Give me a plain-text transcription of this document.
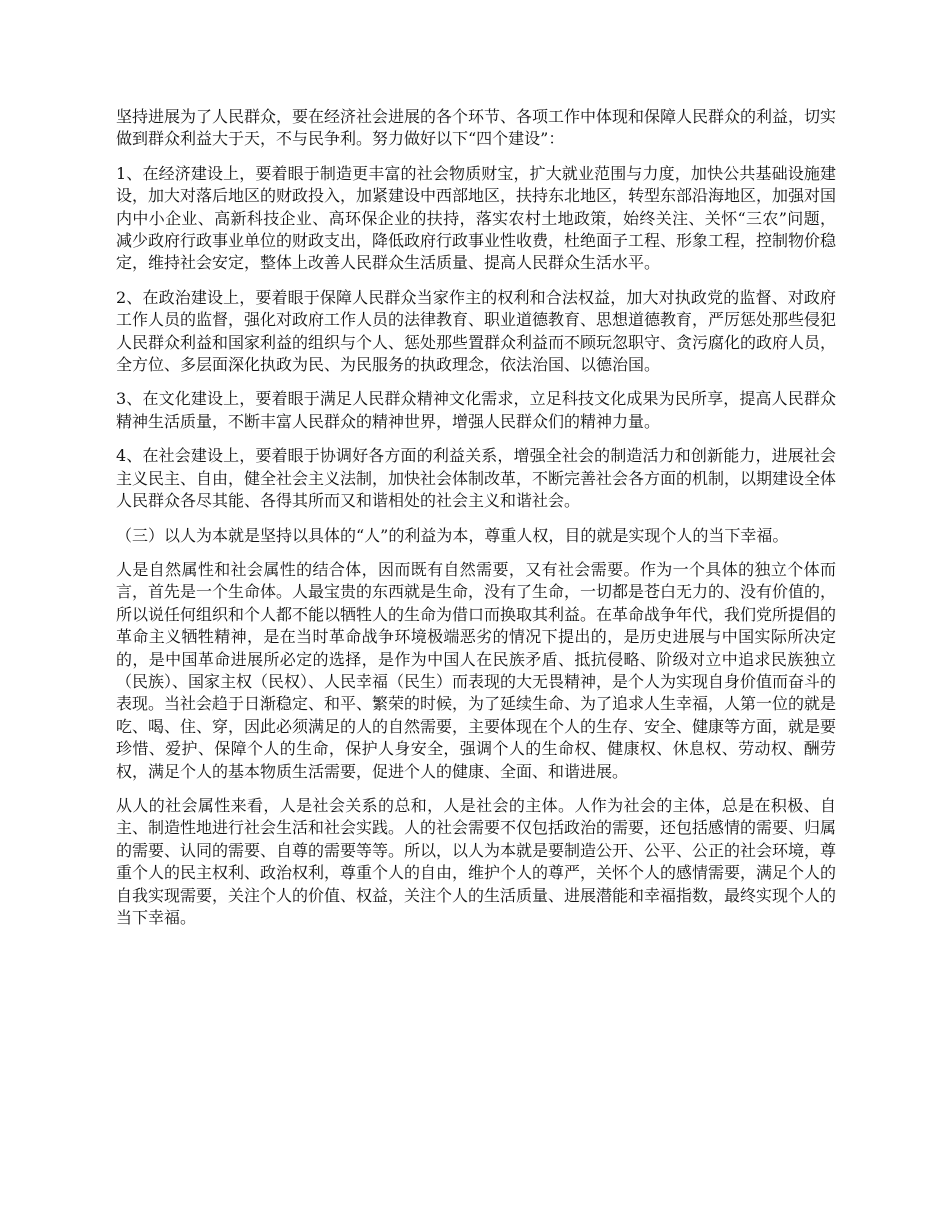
坚持进展为了人民群众，要在经济社会进展的各个环节、各项工作中体现和保障人民群众的利益，切实做到群众利益大于天，不与民争利。努力做好以下“四个建设”：

1、在经济建设上，要着眼于制造更丰富的社会物质财宝，扩大就业范围与力度，加快公共基础设施建设，加大对落后地区的财政投入，加紧建设中西部地区，扶持东北地区，转型东部沿海地区，加强对国内中小企业、高新科技企业、高环保企业的扶持，落实农村土地政策，始终关注、关怀“三农”问题，减少政府行政事业单位的财政支出，降低政府行政事业性收费，杜绝面子工程、形象工程，控制物价稳定，维持社会安定，整体上改善人民群众生活质量、提高人民群众生活水平。

2、在政治建设上，要着眼于保障人民群众当家作主的权利和合法权益，加大对执政党的监督、对政府工作人员的监督，强化对政府工作人员的法律教育、职业道德教育、思想道德教育，严厉惩处那些侵犯人民群众利益和国家利益的组织与个人、惩处那些置群众利益而不顾玩忽职守、贪污腐化的政府人员，全方位、多层面深化执政为民、为民服务的执政理念，依法治国、以德治国。

3、在文化建设上，要着眼于满足人民群众精神文化需求，立足科技文化成果为民所享，提高人民群众精神生活质量，不断丰富人民群众的精神世界，增强人民群众们的精神力量。

4、在社会建设上，要着眼于协调好各方面的利益关系，增强全社会的制造活力和创新能力，进展社会主义民主、自由，健全社会主义法制，加快社会体制改革，不断完善社会各方面的机制，以期建设全体人民群众各尽其能、各得其所而又和谐相处的社会主义和谐社会。

（三）以人为本就是坚持以具体的“人”的利益为本，尊重人权，目的就是实现个人的当下幸福。

人是自然属性和社会属性的结合体，因而既有自然需要，又有社会需要。作为一个具体的独立个体而言，首先是一个生命体。人最宝贵的东西就是生命，没有了生命，一切都是苍白无力的、没有价值的，所以说任何组织和个人都不能以牺牲人的生命为借口而换取其利益。在革命战争年代，我们党所提倡的革命主义牺牲精神，是在当时革命战争环境极端恶劣的情况下提出的，是历史进展与中国实际所决定的，是中国革命进展所必定的选择，是作为中国人在民族矛盾、抵抗侵略、阶级对立中追求民族独立（民族）、国家主权（民权）、人民幸福（民生）而表现的大无畏精神，是个人为实现自身价值而奋斗的表现。当社会趋于日渐稳定、和平、繁荣的时候，为了延续生命、为了追求人生幸福，人第一位的就是吃、喝、住、穿，因此必须满足的人的自然需要，主要体现在个人的生存、安全、健康等方面，就是要珍惜、爱护、保障个人的生命，保护人身安全，强调个人的生命权、健康权、休息权、劳动权、酬劳权，满足个人的基本物质生活需要，促进个人的健康、全面、和谐进展。

从人的社会属性来看，人是社会关系的总和，人是社会的主体。人作为社会的主体，总是在积极、自主、制造性地进行社会生活和社会实践。人的社会需要不仅包括政治的需要，还包括感情的需要、归属的需要、认同的需要、自尊的需要等等。所以，以人为本就是要制造公开、公平、公正的社会环境，尊重个人的民主权利、政治权利，尊重个人的自由，维护个人的尊严，关怀个人的感情需要，满足个人的自我实现需要，关注个人的价值、权益，关注个人的生活质量、进展潜能和幸福指数，最终实现个人的当下幸福。
